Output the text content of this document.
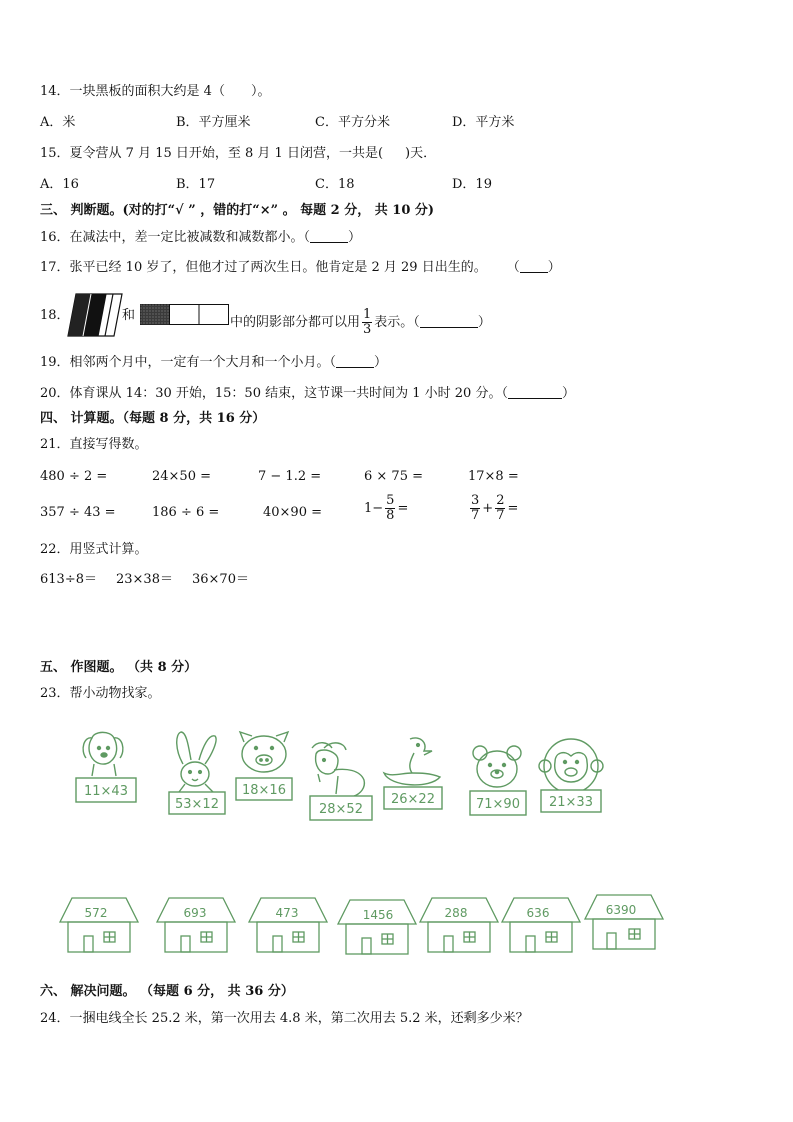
14．一块黑板的面积大约是 4（ ）。
A．米	B．平方厘米	C．平方分米	D．平方米
15．夏令营从 7 月 15 日开始，至 8 月 1 日闭营，一共是( )天．
A．16	B．17	C．18	D．19
三、 判断题。(对的打“√ ” ，错的打“×” 。 每题 2 分， 共 10 分)
16．在减法中，差一定比被减数和减数都小。（	）
17．张平已经 10 岁了，但他才过了两次生日。他肯定是 2 月 29 日出生的。 （ ）
18．	和	中的阴影部分都可以用 $\frac{1}{3}$ 表示。（	）
19．相邻两个月中，一定有一个大月和一个小月。（	）
20．体育课从 14：30 开始，15：50 结束，这节课一共时间为 1 小时 20 分。（	）
四、 计算题。（每题 8 分，共 16 分）
21．直接写得数。
480 ÷ 2 =	24×50 =	7 − 1.2 =	6 × 75 =	17×8 =
357 ÷ 43 =	186 ÷ 6 =	40×90 =	$1- \frac{5}{8}$ =	$\frac{3}{7} + \frac{2}{7}$ =
22．用竖式计算。
613÷8＝ 23×38＝ 36×70＝
五、 作图题。 （共 8 分）
23．帮小动物找家。
11×43
53×12
18×16
28×52
26×22	71×90 21×33
572	693	473	1456	288	636	6390
六、 解决问题。 （每题 6 分， 共 36 分）
24．一捆电线全长 25.2 米，第一次用去 4.8 米，第二次用去 5.2 米，还剩多少米？
